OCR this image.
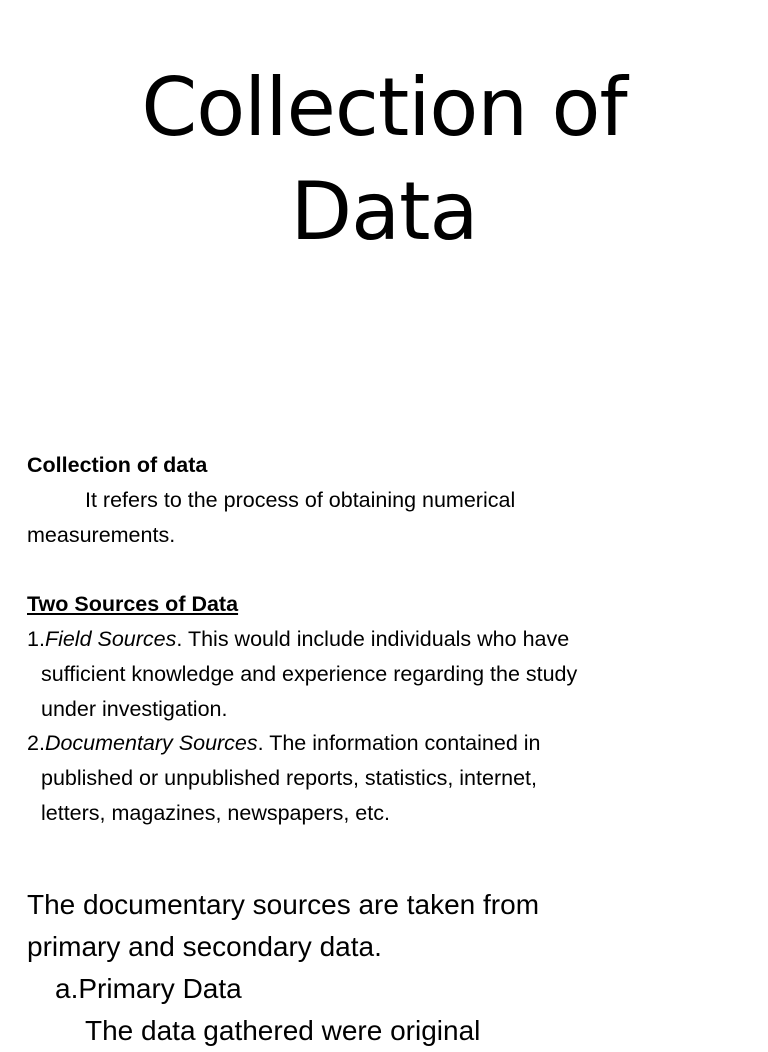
Collection of
Data
Collection of data
It refers to the process of obtaining numerical
measurements.
Two Sources of Data
1.Field Sources. This would include individuals who have
sufficient knowledge and experience regarding the study
under investigation.
2.Documentary Sources. The information contained in
published or unpublished reports, statistics, internet,
letters, magazines, newspapers, etc.
The documentary sources are taken from
primary and secondary data.
a.Primary Data
The data gathered were original
